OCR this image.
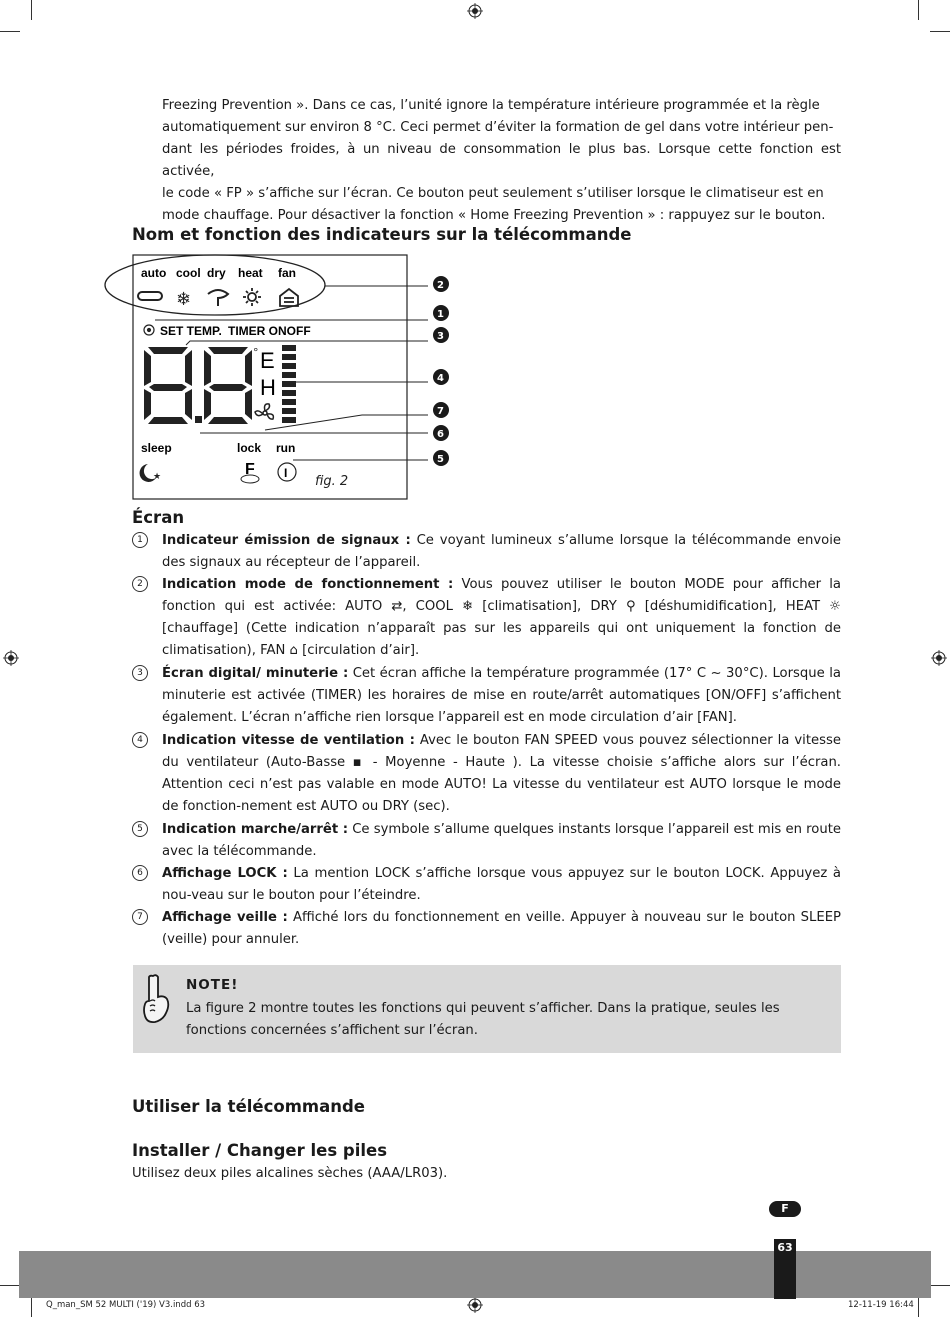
Freezing Prevention ». Dans ce cas, l’unité ignore la température intérieure programmée et la règle
automatiquement sur environ 8 °C. Ceci permet d’éviter la formation de gel dans votre intérieur pen-
dant les périodes froides, à un niveau de consommation le plus bas. Lorsque cette fonction est activée,
le code « FP » s’affiche sur l’écran. Ce bouton peut seulement s’utiliser lorsque le climatiseur est en
mode chauffage. Pour désactiver la fonction « Home Freezing Prevention » : rappuyez sur le bouton.
Nom et fonction des indicateurs sur la télécommande
auto cool dry heat fan
❄
SET TEMP. TIMER ONOFF
° E
H
sleep	lock run
★	F I
2
1
3
4
7
6
5
fig. 2
Écran
1	Indicateur émission de signaux : Ce voyant lumineux s’allume lorsque la télécommande envoie des signaux au récepteur de l’appareil.
2	Indication mode de fonctionnement : Vous pouvez utiliser le bouton MODE pour afficher la fonction qui est activée: AUTO ⇄, COOL ❄ [climatisation], DRY ⚲ [déshumidification], HEAT ☼ [chauffage] (Cette indication n’apparaît pas sur les appareils qui ont uniquement la fonction de climatisation), FAN ⌂ [circulation d’air].
3	Écran digital/ minuterie : Cet écran affiche la température programmée (17° C ~ 30°C). Lorsque la minuterie est activée (TIMER) les horaires de mise en route/arrêt automatiques [ON/OFF] s’affichent également. L’écran n’affiche rien lorsque l’appareil est en mode circulation d’air [FAN].
4	Indication vitesse de ventilation : Avec le bouton FAN SPEED vous pouvez sélectionner la vitesse du ventilateur (Auto-Basse ▪ - Moyenne - Haute ). La vitesse choisie s’affiche alors sur l’écran. Attention ceci n’est pas valable en mode AUTO! La vitesse du ventilateur est AUTO lorsque le mode de fonction-nement est AUTO ou DRY (sec).
5	Indication marche/arrêt : Ce symbole s’allume quelques instants lorsque l’appareil est mis en route avec la télécommande.
6	Affichage LOCK : La mention LOCK s’affiche lorsque vous appuyez sur le bouton LOCK. Appuyez à nou-veau sur le bouton pour l’éteindre.
7	Affichage veille : Affiché lors du fonctionnement en veille. Appuyer à nouveau sur le bouton SLEEP (veille) pour annuler.
NOTE!
La figure 2 montre toutes les fonctions qui peuvent s’afficher. Dans la pratique, seules les fonctions concernées s’affichent sur l’écran.
Utiliser la télécommande
Installer / Changer les piles
Utilisez deux piles alcalines sèches (AAA/LR03).
F
63
Q_man_SM 52 MULTI ('19) V3.indd 63	12-11-19 16:44
